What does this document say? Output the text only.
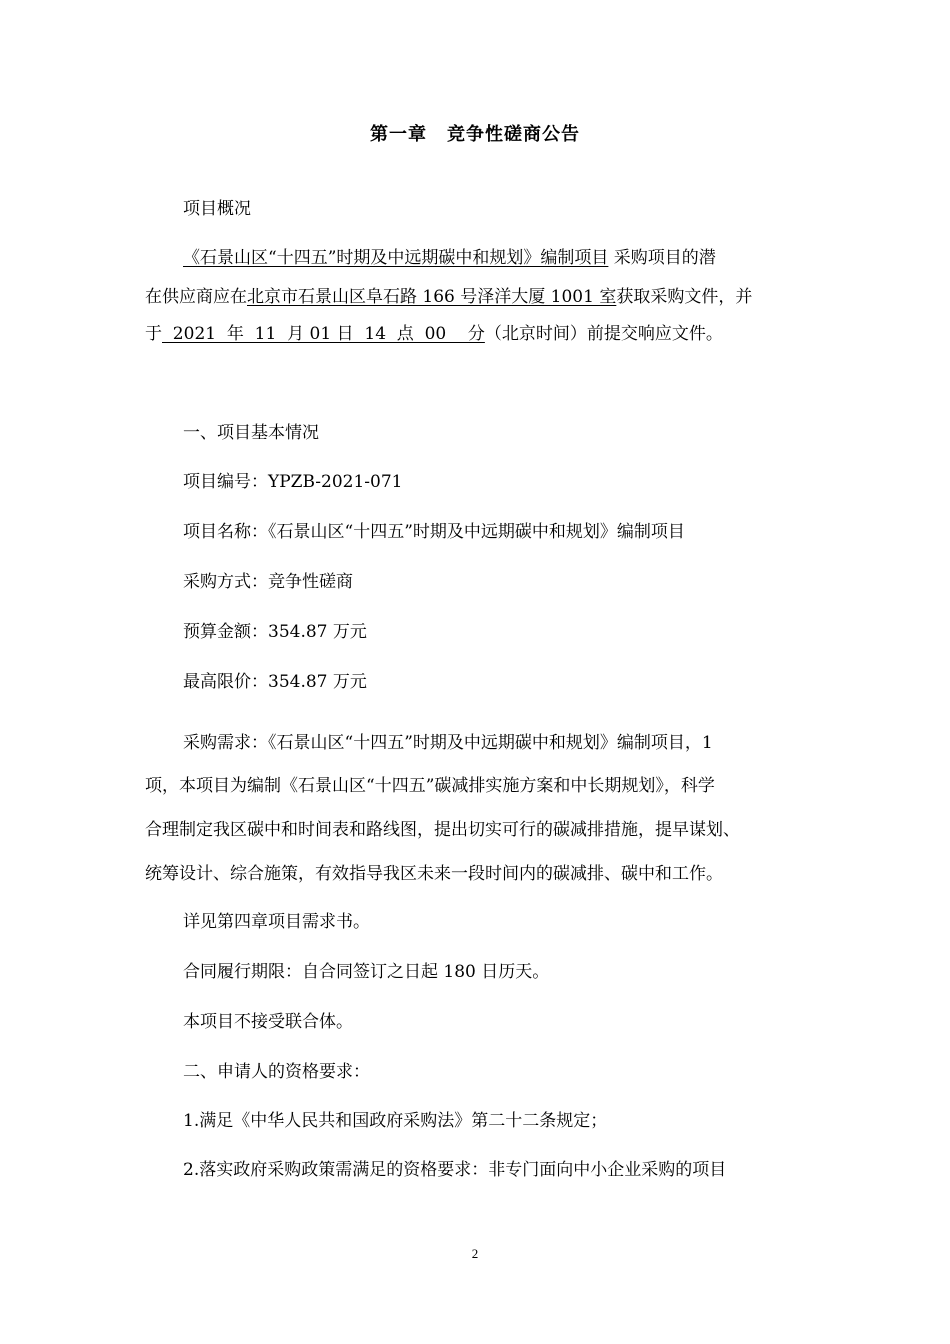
第一章 竞争性磋商公告
项目概况
《石景山区“十四五”时期及中远期碳中和规划》编制项目 采购项目的潜
在供应商应在北京市石景山区阜石路 166 号泽洋大厦 1001 室获取采购文件，并
于  2021  年  11  月 01 日  14  点  00    分（北京时间）前提交响应文件。
一、项目基本情况
项目编号：YPZB-2021-071
项目名称：《石景山区“十四五”时期及中远期碳中和规划》编制项目
采购方式：竞争性磋商
预算金额：354.87 万元
最高限价：354.87 万元
采购需求：《石景山区“十四五”时期及中远期碳中和规划》编制项目，1
项，本项目为编制《石景山区“十四五”碳减排实施方案和中长期规划》，科学
合理制定我区碳中和时间表和路线图，提出切实可行的碳减排措施，提早谋划、
统筹设计、综合施策，有效指导我区未来一段时间内的碳减排、碳中和工作。
详见第四章项目需求书。
合同履行期限：自合同签订之日起 180 日历天。
本项目不接受联合体。
二、申请人的资格要求：
1.满足《中华人民共和国政府采购法》第二十二条规定；
2.落实政府采购政策需满足的资格要求：非专门面向中小企业采购的项目
2
